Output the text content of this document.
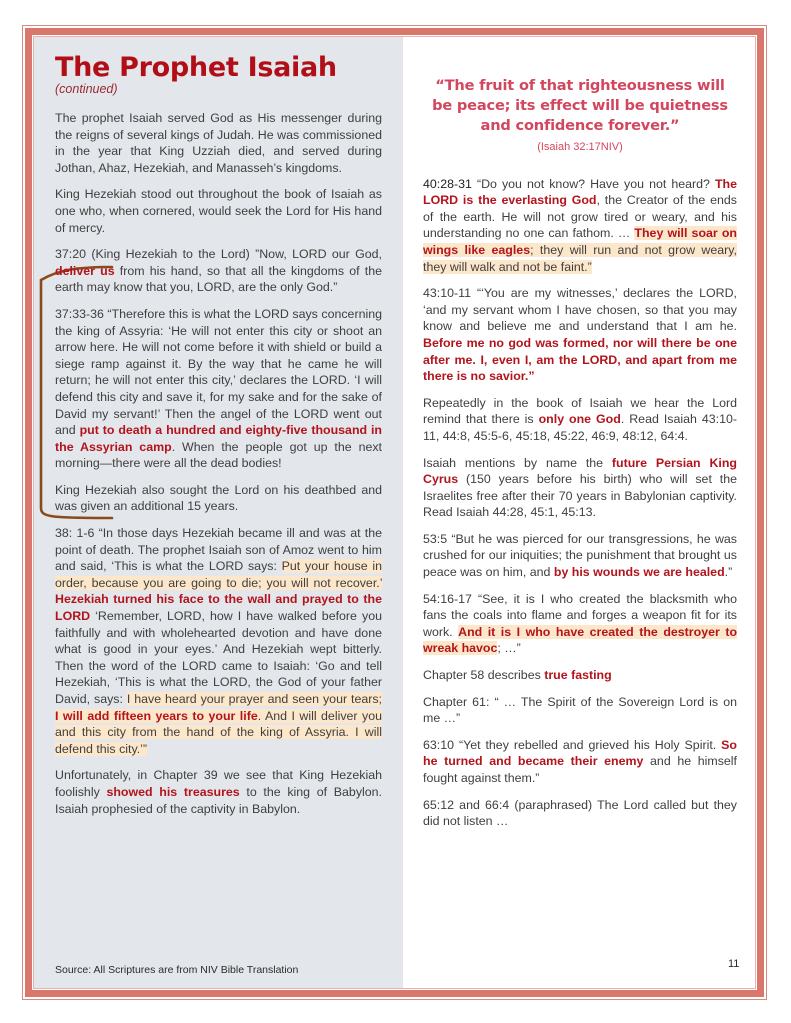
The Prophet Isaiah
(continued)

The prophet Isaiah served God as His messenger during the reigns of several kings of Judah. He was commissioned in the year that King Uzziah died, and served during Jothan, Ahaz, Hezekiah, and Manasseh’s kingdoms.

King Hezekiah stood out throughout the book of Isaiah as one who, when cornered, would seek the Lord for His hand of mercy.

37:20 (King Hezekiah to the Lord) ”Now, LORD our God, deliver us from his hand, so that all the kingdoms of the earth may know that you, LORD, are the only God.”

37:33-36 “Therefore this is what the LORD says concerning the king of Assyria: ‘He will not enter this city or shoot an arrow here. He will not come before it with shield or build a siege ramp against it. By the way that he came he will return; he will not enter this city,’ declares the LORD. ‘I will defend this city and save it, for my sake and for the sake of David my servant!’ Then the angel of the LORD went out and put to death a hundred and eighty-five thousand in the Assyrian camp. When the people got up the next morning—there were all the dead bodies!

King Hezekiah also sought the Lord on his deathbed and was given an additional 15 years.

38: 1-6 “In those days Hezekiah became ill and was at the point of death. The prophet Isaiah son of Amoz went to him and said, ‘This is what the LORD says: Put your house in order, because you are going to die; you will not recover.’ Hezekiah turned his face to the wall and prayed to the LORD ‘Remember, LORD, how I have walked before you faithfully and with wholehearted devotion and have done what is good in your eyes.’ And Hezekiah wept bitterly. Then the word of the LORD came to Isaiah: ‘Go and tell Hezekiah, ‘This is what the LORD, the God of your father David, says: I have heard your prayer and seen your tears; I will add fifteen years to your life. And I will deliver you and this city from the hand of the king of Assyria. I will defend this city.’”

Unfortunately, in Chapter 39 we see that King Hezekiah foolishly showed his treasures to the king of Babylon. Isaiah prophesied of the captivity in Babylon.

Source: All Scriptures are from NIV Bible Translation
“The fruit of that righteousness will be peace; its effect will be quietness and confidence forever.”
(Isaiah 32:17NIV)

40:28-31 “Do you not know? Have you not heard? The LORD is the everlasting God, the Creator of the ends of the earth. He will not grow tired or weary, and his understanding no one can fathom. … They will soar on wings like eagles; they will run and not grow weary, they will walk and not be faint.”

43:10-11 “‘You are my witnesses,’ declares the LORD, ‘and my servant whom I have chosen, so that you may know and believe me and understand that I am he. Before me no god was formed, nor will there be one after me. I, even I, am the LORD, and apart from me there is no savior.”

Repeatedly in the book of Isaiah we hear the Lord remind that there is only one God. Read Isaiah 43:10-11, 44:8, 45:5-6, 45:18, 45:22, 46:9, 48:12, 64:4.

Isaiah mentions by name the future Persian King Cyrus (150 years before his birth) who will set the Israelites free after their 70 years in Babylonian captivity. Read Isaiah 44:28, 45:1, 45:13.

53:5 “But he was pierced for our transgressions, he was crushed for our iniquities; the punishment that brought us peace was on him, and by his wounds we are healed.”

54:16-17 “See, it is I who created the blacksmith who fans the coals into flame and forges a weapon fit for its work. And it is I who have created the destroyer to wreak havoc; …”

Chapter 58 describes true fasting

Chapter 61: “ … The Spirit of the Sovereign Lord is on me …”

63:10 “Yet they rebelled and grieved his Holy Spirit. So he turned and became their enemy and he himself fought against them.”

65:12 and 66:4 (paraphrased) The Lord called but they did not listen …

11
